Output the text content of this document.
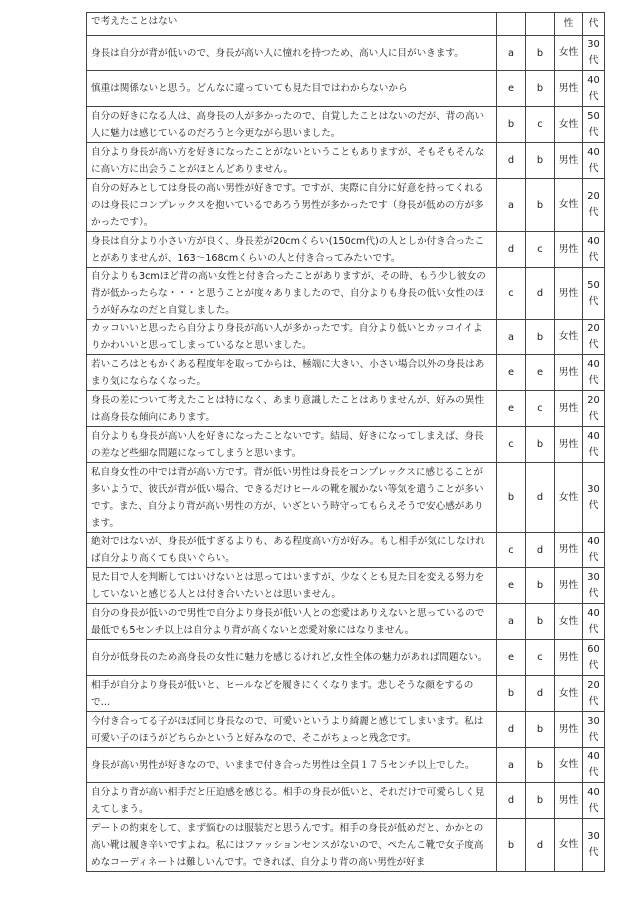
で考えたことはない			性	代
身長は自分が背が低いので、身長が高い人に憧れを持つため、高い人に目がいきます。	a	b	女性	30代
慎重は関係ないと思う。どんなに違っていても見た目ではわからないから	e	b	男性	40代
自分の好きになる人は、高身長の人が多かったので、自覚したことはないのだが、背の高い人に魅力は感じているのだろうと今更ながら思いました。	b	c	女性	50代
自分より身長が高い方を好きになったことがないということもありますが、そもそもそんなに高い方に出会うことがほとんどありません。	d	b	男性	40代
自分の好みとしては身長の高い男性が好きです。ですが、実際に自分に好意を持ってくれるのは身長にコンプレックスを抱いているであろう男性が多かったです（身長が低めの方が多かったです）。	a	b	女性	20代
身長は自分より小さい方が良く、身長差が20cmくらい(150cm代)の人としか付き合ったことがありませんが、163〜168cmくらいの人と付き合ってみたいです。	d	c	男性	40代
自分よりも3cmほど背の高い女性と付き合ったことがありますが、その時、もう少し彼女の背が低かったらな・・・と思うことが度々ありましたので、自分よりも身長の低い女性のほうが好みなのだと自覚しました。	c	d	男性	50代
カッコいいと思ったら自分より身長が高い人が多かったです。自分より低いとカッコイイよりかわいいと思ってしまっているなと思いました。	a	b	女性	20代
若いころはともかくある程度年を取ってからは、極端に大きい、小さい場合以外の身長はあまり気にならなくなった。	e	e	男性	40代
身長の差について考えたことは特になく、あまり意識したことはありませんが、好みの異性は高身長な傾向にあります。	e	c	男性	20代
自分よりも身長が高い人を好きになったことないです。結局、好きになってしまえば、身長の差など些細な問題になってしまうと思います。	c	b	男性	40代
私自身女性の中では背が高い方です。背が低い男性は身長をコンプレックスに感じることが多いようで、彼氏が背が低い場合、できるだけヒールの靴を履かない等気を遣うことが多いです。また、自分より背が高い男性の方が、いざという時守ってもらえそうで安心感があります。	b	d	女性	30代
絶対ではないが、身長が低すぎるよりも、ある程度高い方が好み。もし相手が気にしなければ自分より高くても良いぐらい。	c	d	男性	40代
見た目で人を判断してはいけないとは思ってはいますが、少なくとも見た目を変える努力をしていないと感じる人とは付き合いたいとは思いません。	e	b	男性	30代
自分の身長が低いので男性で自分より身長が低い人との恋愛はありえないと思っているので最低でも5センチ以上は自分より背が高くないと恋愛対象にはなりません。	a	b	女性	40代
自分が低身長のため高身長の女性に魅力を感じるけれど,女性全体の魅力があれば問題ない。	e	c	男性	60代
相手が自分より身長が低いと、ヒールなどを履きにくくなります。悲しそうな顔をするので…	b	d	女性	20代
今付き合ってる子がほぼ同じ身長なので、可愛いというより綺麗と感じてしまいます。私は可愛い子のほうがどちらかというと好みなので、そこがちょっと残念です。	d	b	男性	30代
身長が高い男性が好きなので、いままで付き合った男性は全員１７５センチ以上でした。	a	b	女性	40代
自分より背が高い相手だと圧迫感を感じる。相手の身長が低いと、それだけで可愛らしく見えてしまう。	d	b	男性	40代
デートの約束をして、まず悩むのは服装だと思うんです。相手の身長が低めだと、かかとの高い靴は履き辛いですよね。私にはファッションセンスがないので、ぺたんこ靴で女子度高めなコーディネートは難しいんです。できれば、自分より背の高い男性が好ま	b	d	女性	30代
